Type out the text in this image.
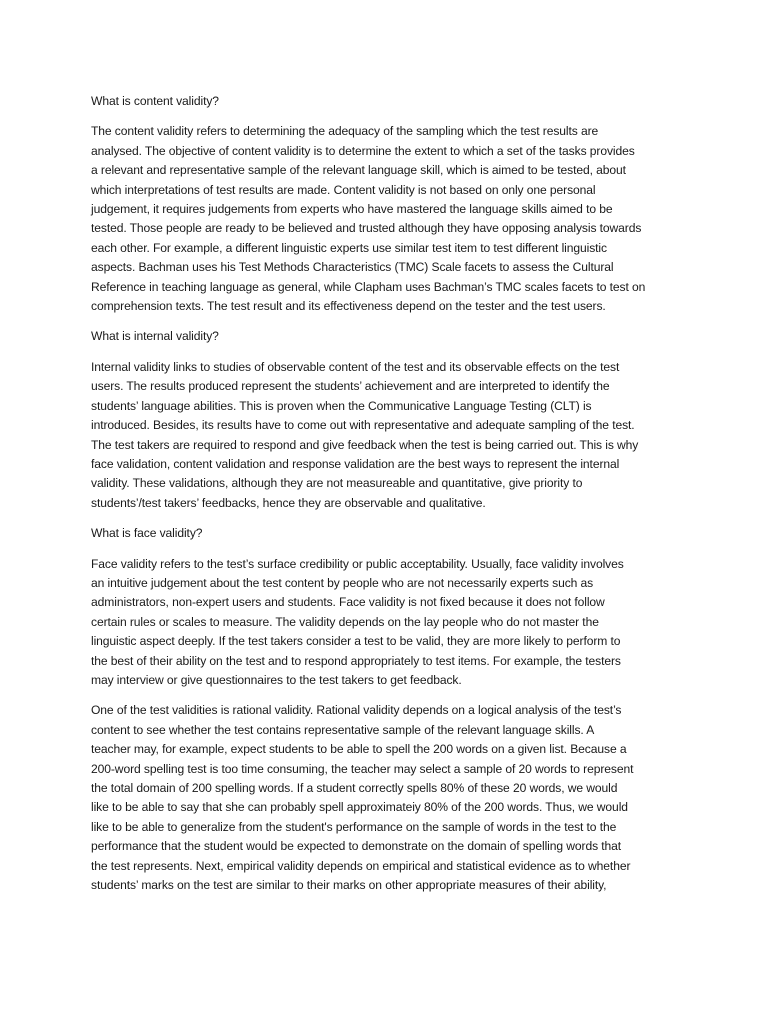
What is content validity?

The content validity refers to determining the adequacy of the sampling which the test results are
analysed. The objective of content validity is to determine the extent to which a set of the tasks provides
a relevant and representative sample of the relevant language skill, which is aimed to be tested, about
which interpretations of test results are made. Content validity is not based on only one personal
judgement, it requires judgements from experts who have mastered the language skills aimed to be
tested. Those people are ready to be believed and trusted although they have opposing analysis towards
each other. For example, a different linguistic experts use similar test item to test different linguistic
aspects. Bachman uses his Test Methods Characteristics (TMC) Scale facets to assess the Cultural
Reference in teaching language as general, while Clapham uses Bachman’s TMC scales facets to test on
comprehension texts. The test result and its effectiveness depend on the tester and the test users.

What is internal validity?

Internal validity links to studies of observable content of the test and its observable effects on the test
users. The results produced represent the students’ achievement and are interpreted to identify the
students’ language abilities. This is proven when the Communicative Language Testing (CLT) is
introduced. Besides, its results have to come out with representative and adequate sampling of the test.
The test takers are required to respond and give feedback when the test is being carried out. This is why
face validation, content validation and response validation are the best ways to represent the internal
validity. These validations, although they are not measureable and quantitative, give priority to
students’/test takers’ feedbacks, hence they are observable and qualitative.

What is face validity?

Face validity refers to the test’s surface credibility or public acceptability. Usually, face validity involves
an intuitive judgement about the test content by people who are not necessarily experts such as
administrators, non-expert users and students. Face validity is not fixed because it does not follow
certain rules or scales to measure. The validity depends on the lay people who do not master the
linguistic aspect deeply. If the test takers consider a test to be valid, they are more likely to perform to
the best of their ability on the test and to respond appropriately to test items. For example, the testers
may interview or give questionnaires to the test takers to get feedback.
One of the test validities is rational validity. Rational validity depends on a logical analysis of the test’s
content to see whether the test contains representative sample of the relevant language skills. A
teacher may, for example, expect students to be able to spell the 200 words on a given list. Because a
200-word spelling test is too time consuming, the teacher may select a sample of 20 words to represent
the total domain of 200 spelling words. If a student correctly spells 80% of these 20 words, we would
like to be able to say that she can probably spell approximateiy 80% of the 200 words. Thus, we would
like to be able to generalize from the student's performance on the sample of words in the test to the
performance that the student would be expected to demonstrate on the domain of spelling words that
the test represents. Next, empirical validity depends on empirical and statistical evidence as to whether
students’ marks on the test are similar to their marks on other appropriate measures of their ability,
